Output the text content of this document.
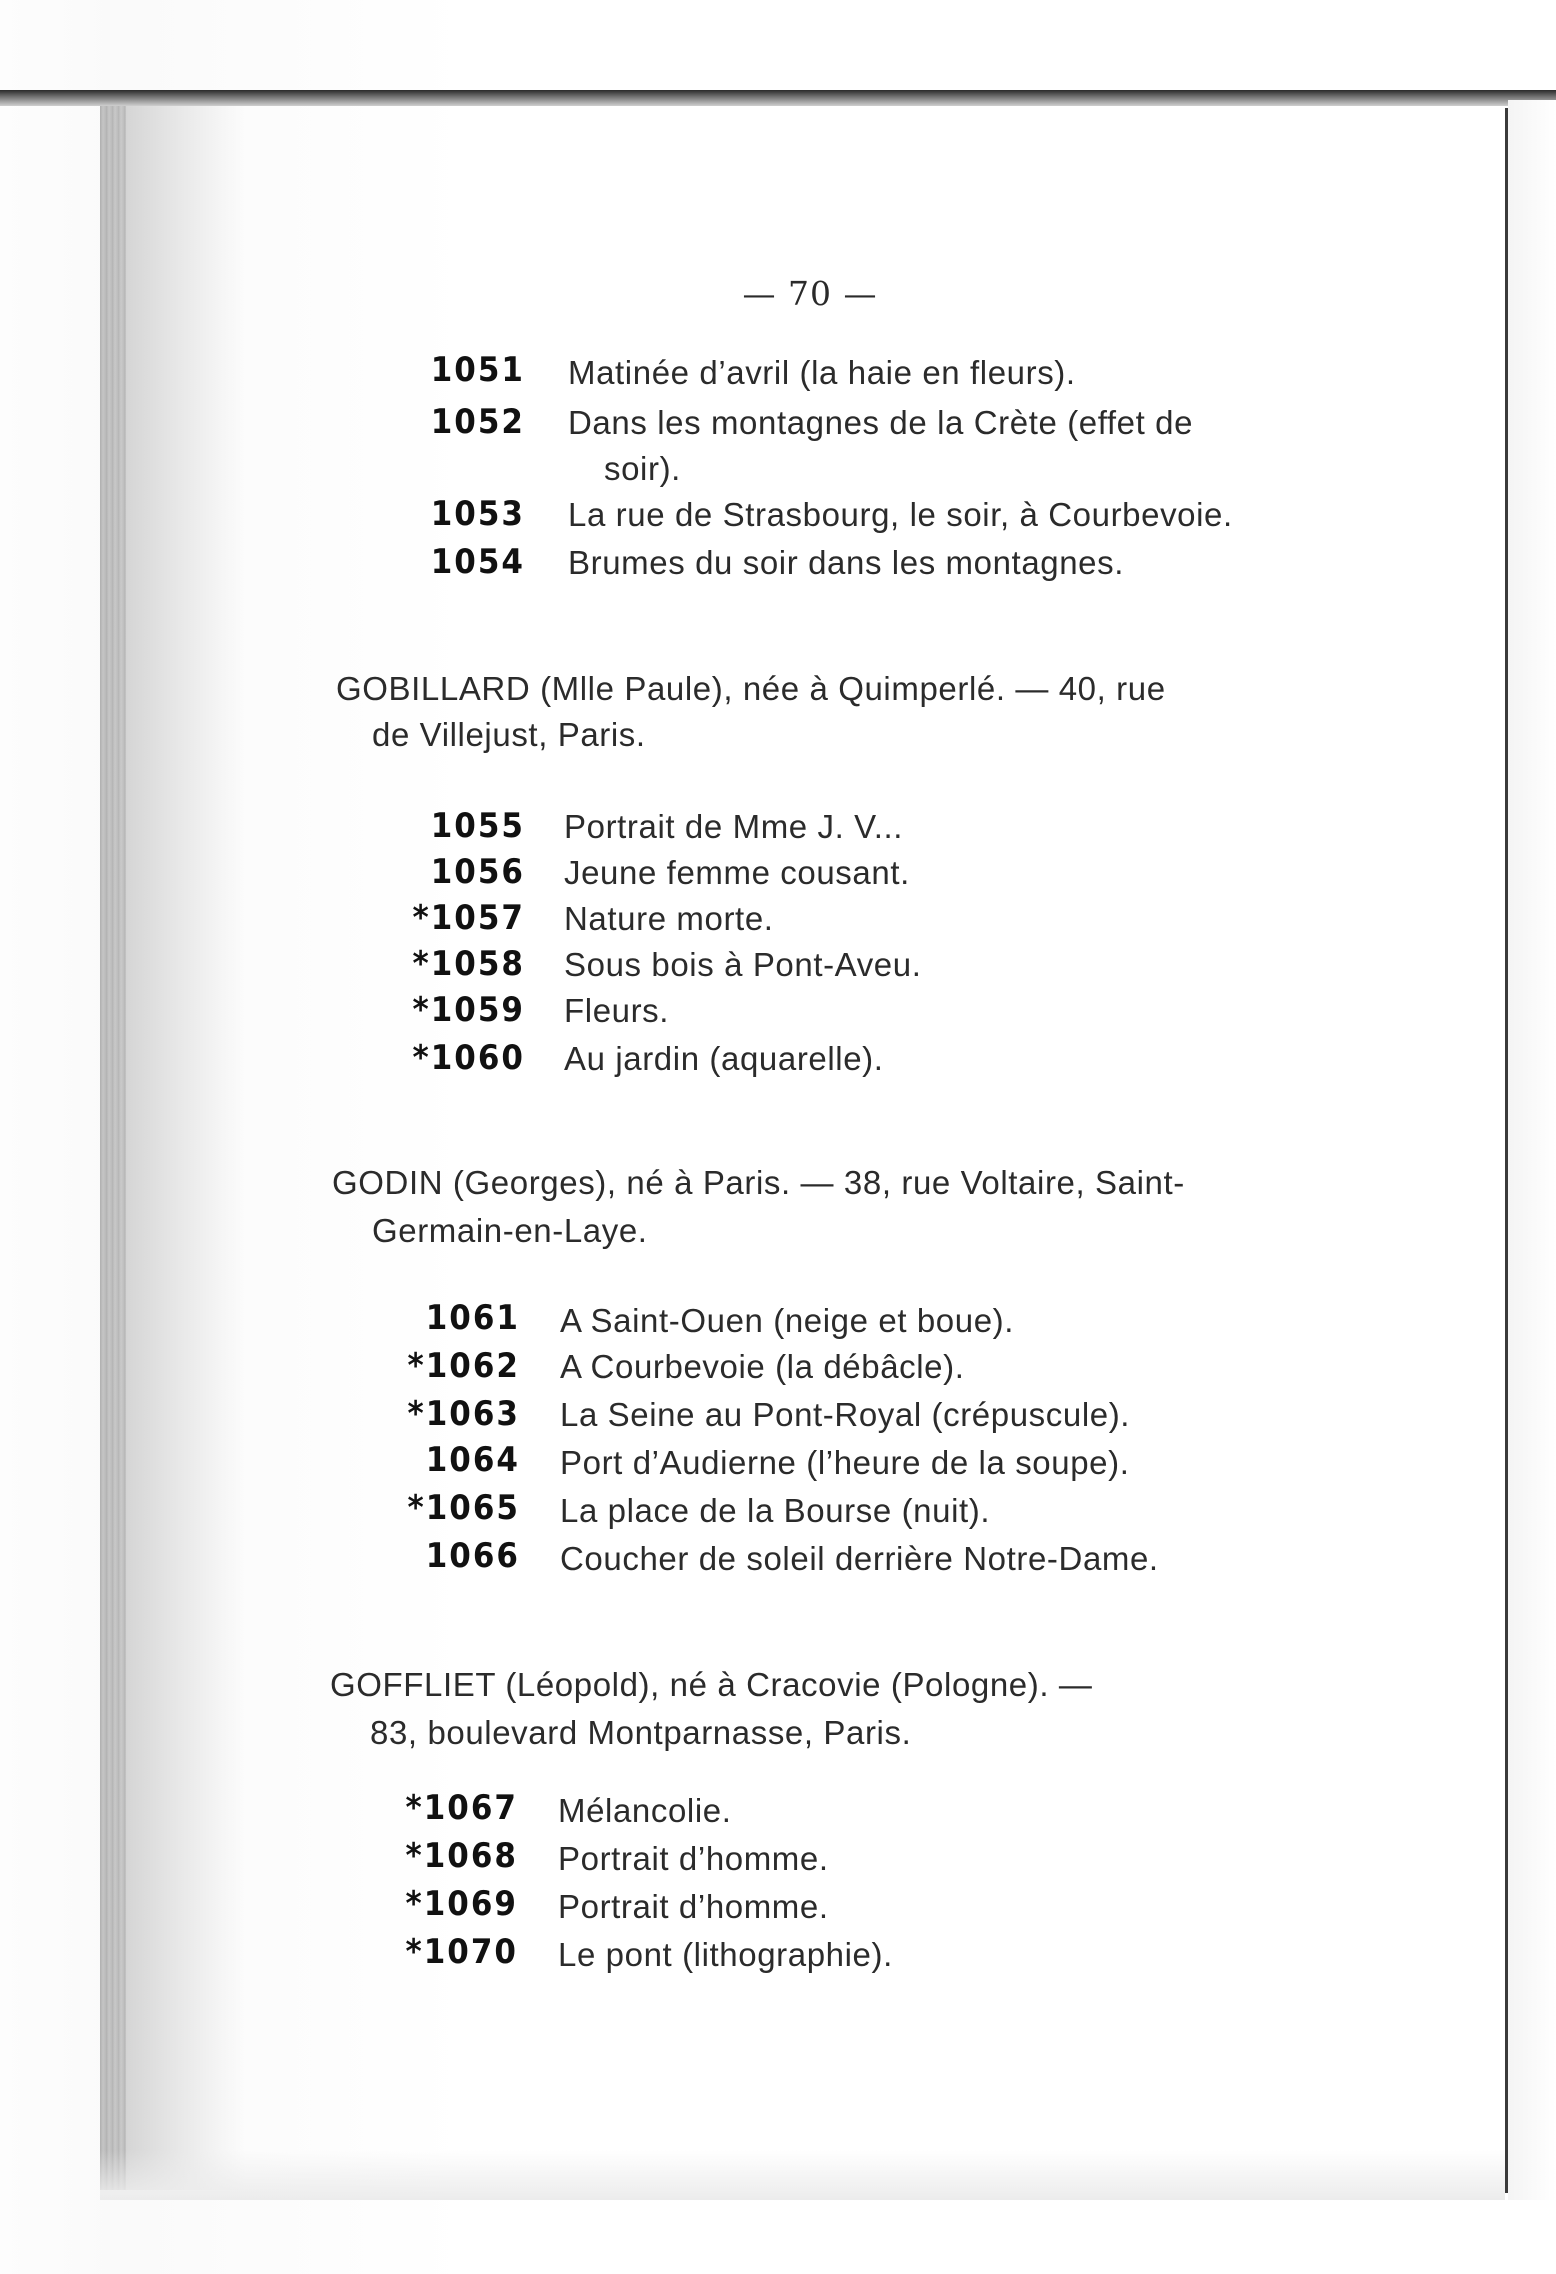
— 70 —
1051 Matinée d’avril (la haie en fleurs).
1052 Dans les montagnes de la Crète (effet de
soir).
1053 La rue de Strasbourg, le soir, à Courbevoie.
1054 Brumes du soir dans les montagnes.
GOBILLARD (Mlle Paule), née à Quimperlé. — 40, rue
de Villejust, Paris.
1055 Portrait de Mme J. V...
1056 Jeune femme cousant.
*1057 Nature morte.
*1058 Sous bois à Pont-Aveu.
*1059 Fleurs.
*1060 Au jardin (aquarelle).
GODIN (Georges), né à Paris. — 38, rue Voltaire, Saint-
Germain-en-Laye.
1061 A Saint-Ouen (neige et boue).
*1062 A Courbevoie (la débâcle).
*1063 La Seine au Pont-Royal (crépuscule).
1064 Port d’Audierne (l’heure de la soupe).
*1065 La place de la Bourse (nuit).
1066 Coucher de soleil derrière Notre-Dame.
GOFFLIET (Léopold), né à Cracovie (Pologne). —
83, boulevard Montparnasse, Paris.
*1067 Mélancolie.
*1068 Portrait d’homme.
*1069 Portrait d’homme.
*1070 Le pont (lithographie).
